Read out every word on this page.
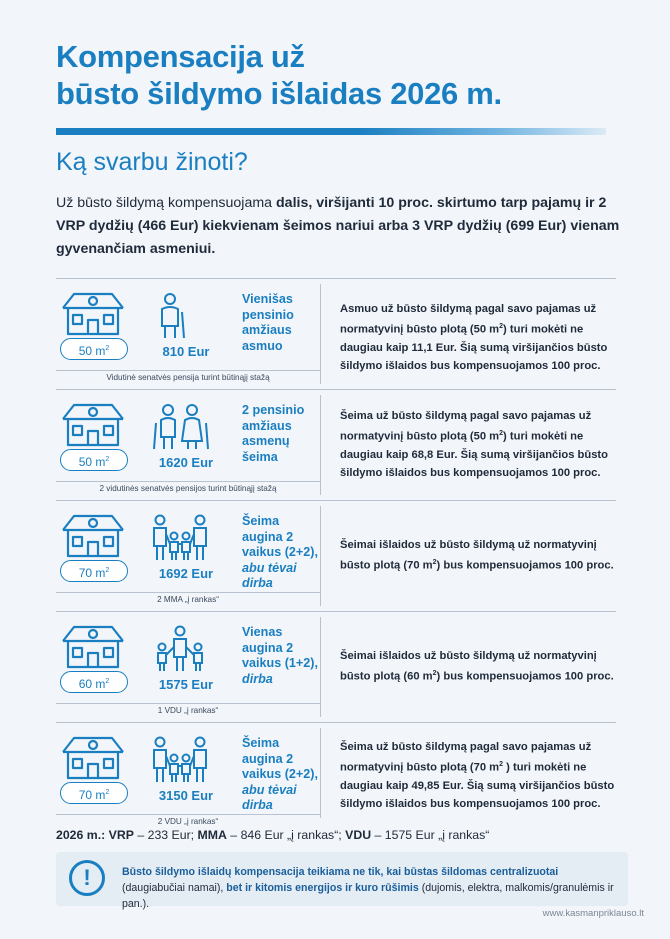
Kompensacija už
būsto šildymo išlaidas 2026 m.
Ką svarbu žinoti?
Už būsto šildymą kompensuojama dalis, viršijanti 10 proc. skirtumo tarp pajamų ir 2 VRP dydžių (466 Eur) kiekvienam šeimos nariui arba 3 VRP dydžių (699 Eur) vienam gyvenančiam asmeniui.
50 $m^2$	810 Eur
Vienišas pensinio amžiaus asmuo
Vidutinė senatvės pensija turint būtinąjį stažą
Asmuo už būsto šildymą pagal savo pajamas už normatyvinį būsto plotą (50 $m^2$) turi mokėti ne daugiau kaip 11,1 Eur. Šią sumą viršijančios būsto šildymo išlaidos bus kompensuojamos 100 proc.
50 $m^2$	1620 Eur
2 pensinio amžiaus asmenų šeima
2 vidutinės senatvės pensijos turint būtinąjį stažą
Šeima už būsto šildymą pagal savo pajamas už normatyvinį būsto plotą (50 $m^2$) turi mokėti ne daugiau kaip 68,8 Eur. Šią sumą viršijančios būsto šildymo išlaidos bus kompensuojamos 100 proc.
70 $m^2$	1692 Eur
Šeima augina 2 vaikus (2+2), abu tėvai dirba
2 MMA „į rankas“
Šeimai išlaidos už būsto šildymą už normatyvinį būsto plotą (70 $m^2$) bus kompensuojamos 100 proc.
60 $m^2$	1575 Eur
Vienas augina 2 vaikus (1+2), dirba
1 VDU „į rankas“
Šeimai išlaidos už būsto šildymą už normatyvinį būsto plotą (60 $m^2$) bus kompensuojamos 100 proc.
70 $m^2$	3150 Eur
Šeima augina 2 vaikus (2+2), abu tėvai dirba
2 VDU „į rankas“
Šeima už būsto šildymą pagal savo pajamas už normatyvinį būsto plotą (70 $m^2$ ) turi mokėti ne daugiau kaip 49,85 Eur. Šią sumą viršijančios būsto šildymo išlaidos bus kompensuojamos 100 proc.
2026 m.: VRP – 233 Eur; MMA – 846 Eur „į rankas“; VDU – 1575 Eur „į rankas“
!	Būsto šildymo išlaidų kompensacija teikiama ne tik, kai būstas šildomas centralizuotai (daugiabučiai namai), bet ir kitomis energijos ir kuro rūšimis (dujomis, elektra, malkomis/granulėmis ir pan.).
www.kasmanpriklauso.lt
